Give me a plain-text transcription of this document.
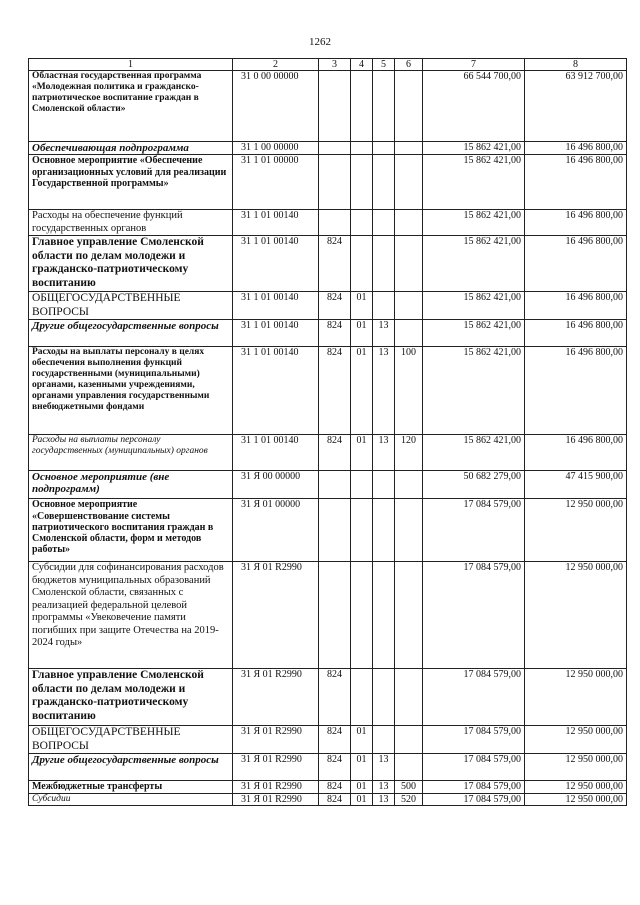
1262
1	2	3	4	5	6	7	8
Областная государственная программа «Молодежная политика и гражданско-патриотическое воспитание граждан в Смоленской области»	31 0 00 00000					66 544 700,00	63 912 700,00
Обеспечивающая подпрограмма	31 1 00 00000					15 862 421,00	16 496 800,00
Основное мероприятие «Обеспечение организационных условий для реализации Государственной программы»	31 1 01 00000					15 862 421,00	16 496 800,00
Расходы на обеспечение функций государственных органов	31 1 01 00140					15 862 421,00	16 496 800,00
Главное управление Смоленской области по делам молодежи и гражданско-патриотическому воспитанию	31 1 01 00140	824				15 862 421,00	16 496 800,00
ОБЩЕГОСУДАРСТВЕННЫЕ ВОПРОСЫ	31 1 01 00140	824	01			15 862 421,00	16 496 800,00
Другие общегосударственные вопросы	31 1 01 00140	824	01	13		15 862 421,00	16 496 800,00
Расходы на выплаты персоналу в целях обеспечения выполнения функций государственными (муниципальными) органами, казенными учреждениями, органами управления государственными внебюджетными фондами	31 1 01 00140	824	01	13	100	15 862 421,00	16 496 800,00
Расходы на выплаты персоналу государственных (муниципальных) органов	31 1 01 00140	824	01	13	120	15 862 421,00	16 496 800,00
Основное мероприятие (вне подпрограмм)	31 Я 00 00000					50 682 279,00	47 415 900,00
Основное мероприятие «Совершенствование системы патриотического воспитания граждан в Смоленской области, форм и методов работы»	31 Я 01 00000					17 084 579,00	12 950 000,00
Субсидии для софинансирования расходов бюджетов муниципальных образований Смоленской области, связанных с реализацией федеральной целевой программы «Увековечение памяти погибших при защите Отечества на 2019-2024 годы»	31 Я 01 R2990					17 084 579,00	12 950 000,00
Главное управление Смоленской области по делам молодежи и гражданско-патриотическому воспитанию	31 Я 01 R2990	824				17 084 579,00	12 950 000,00
ОБЩЕГОСУДАРСТВЕННЫЕ ВОПРОСЫ	31 Я 01 R2990	824	01			17 084 579,00	12 950 000,00
Другие общегосударственные вопросы	31 Я 01 R2990	824	01	13		17 084 579,00	12 950 000,00
Межбюджетные трансферты	31 Я 01 R2990	824	01	13	500	17 084 579,00	12 950 000,00
Субсидии	31 Я 01 R2990	824	01	13	520	17 084 579,00	12 950 000,00
